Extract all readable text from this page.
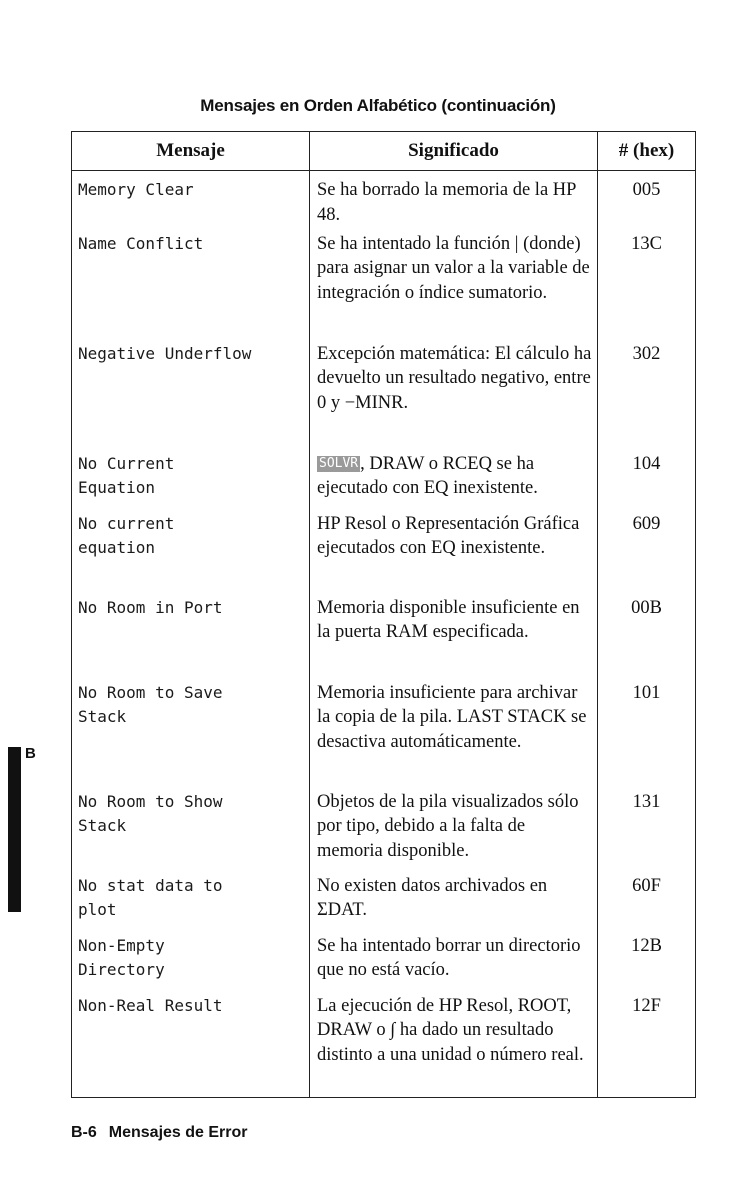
Mensajes en Orden Alfabético (continuación)
Mensaje	Significado	# (hex)

Memory Clear	Se ha borrado la memoria de la HP 48.	005

Name Conflict	Se ha intentado la función | (donde) para asignar un valor a la variable de integración o índice sumatorio.	13C

Negative Underflow	Excepción matemática: El cálculo ha devuelto un resultado negativo, entre 0 y −MINR.	302

No Current
Equation	SOLVR , DRAW o RCEQ se ha ejecutado con EQ inexistente.	104

No current
equation	HP Resol o Representación Gráfica ejecutados con EQ inexistente.	609

No Room in Port	Memoria disponible insuficiente en la puerta RAM especificada.	00B

No Room to Save
Stack	Memoria insuficiente para archivar la copia de la pila. LAST STACK se desactiva automáticamente.	101

No Room to Show
Stack	Objetos de la pila visualizados sólo por tipo, debido a la falta de memoria disponible.	131

No stat data to
plot	No existen datos archivados en ΣDAT.	60F

Non-Empty
Directory	Se ha intentado borrar un directorio que no está vacío.	12B

Non-Real Result	La ejecución de HP Resol, ROOT, DRAW o ∫ ha dado un resultado distinto a una unidad o número real.	12F
B
B-6 Mensajes de Error
